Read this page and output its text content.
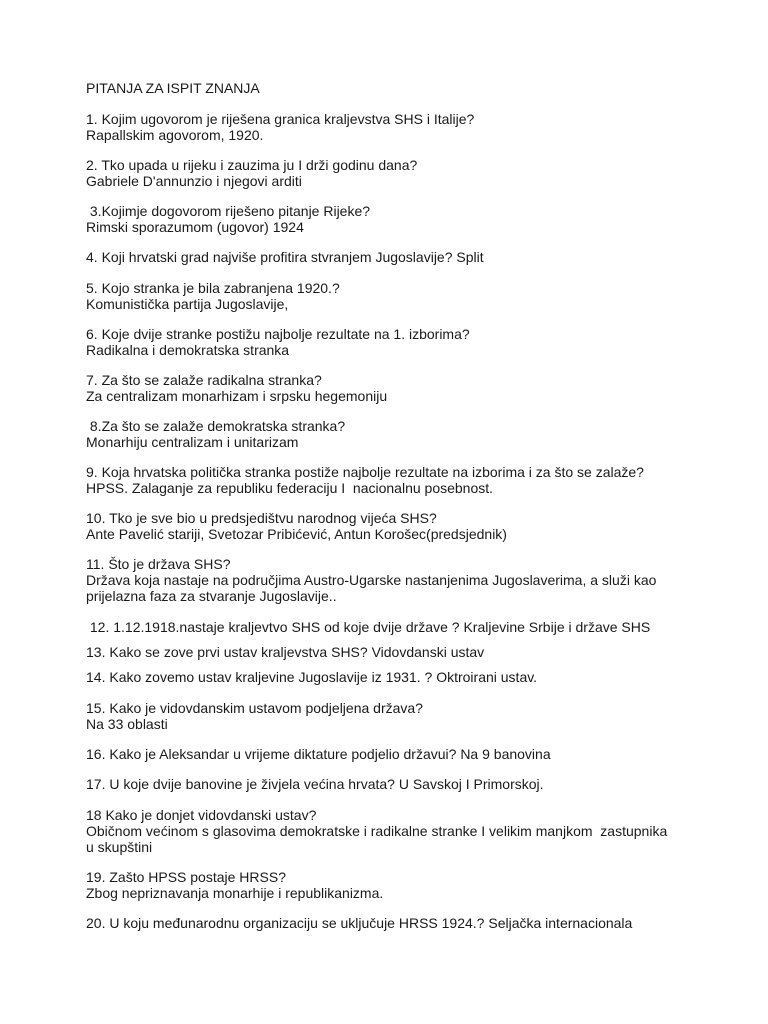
PITANJA ZA ISPIT ZNANJA
1. Kojim ugovorom je riješena granica kraljevstva SHS i Italije?
Rapallskim agovorom, 1920.
2. Tko upada u rijeku i zauzima ju I drži godinu dana?
Gabriele D'annunzio i njegovi arditi
3.Kojimje dogovorom riješeno pitanje Rijeke?
Rimski sporazumom (ugovor) 1924
4. Koji hrvatski grad najviše profitira stvranjem Jugoslavije? Split
5. Kojo stranka je bila zabranjena 1920.?
Komunistička partija Jugoslavije,
6. Koje dvije stranke postižu najbolje rezultate na 1. izborima?
Radikalna i demokratska stranka
7. Za što se zalaže radikalna stranka?
Za centralizam monarhizam i srpsku hegemoniju
8.Za što se zalaže demokratska stranka?
Monarhiju centralizam i unitarizam
9. Koja hrvatska politička stranka postiže najbolje rezultate na izborima i za što se zalaže?
HPSS. Zalaganje za republiku federaciju I  nacionalnu posebnost.
10. Tko je sve bio u predsjedištvu narodnog vijeća SHS?
Ante Pavelić stariji, Svetozar Pribićević, Antun Korošec(predsjednik)
11. Što je država SHS?
Država koja nastaje na područjima Austro-Ugarske nastanjenima Jugoslaverima, a služi kao
prijelazna faza za stvaranje Jugoslavije..
12. 1.12.1918.nastaje kraljevtvo SHS od koje dvije države ? Kraljevine Srbije i države SHS
13. Kako se zove prvi ustav kraljevstva SHS? Vidovdanski ustav
14. Kako zovemo ustav kraljevine Jugoslavije iz 1931. ? Oktroirani ustav.
15. Kako je vidovdanskim ustavom podjeljena država?
Na 33 oblasti
16. Kako je Aleksandar u vrijeme diktature podjelio državui? Na 9 banovina
17. U koje dvije banovine je živjela većina hrvata? U Savskoj I Primorskoj.
18 Kako je donjet vidovdanski ustav?
Običnom većinom s glasovima demokratske i radikalne stranke I velikim manjkom  zastupnika
u skupštini
19. Zašto HPSS postaje HRSS?
Zbog nepriznavanja monarhije i republikanizma.
20. U koju međunarodnu organizaciju se uključuje HRSS 1924.? Seljačka internacionala
